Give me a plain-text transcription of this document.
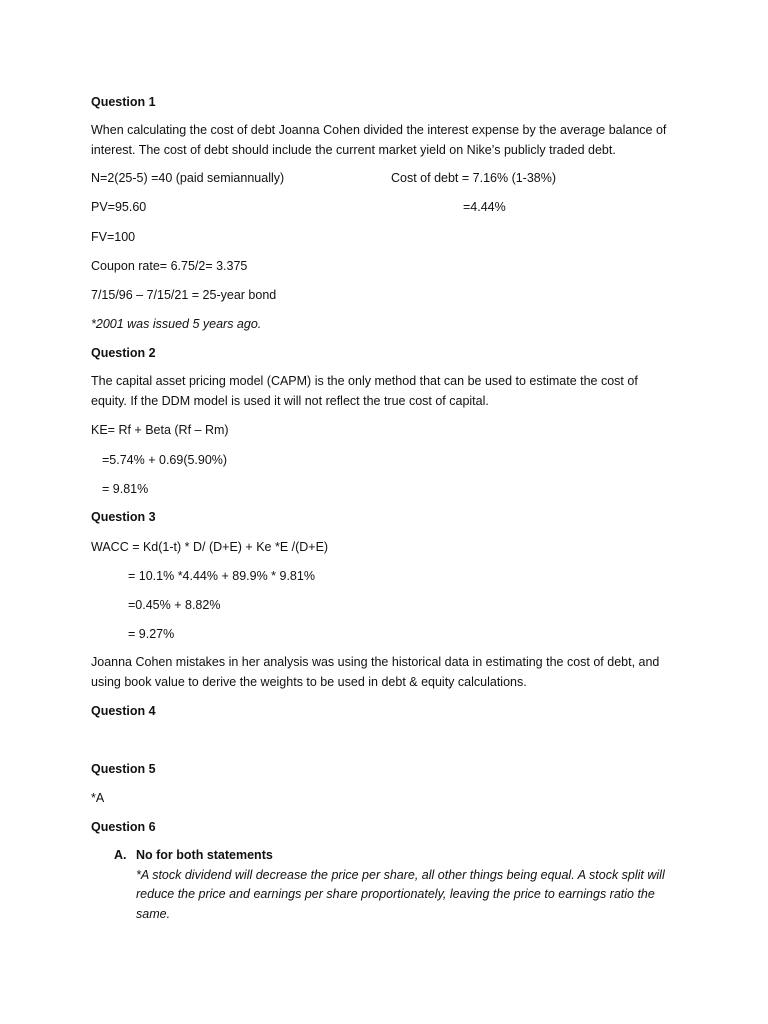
Question 1
When calculating the cost of debt Joanna Cohen divided the interest expense by the average balance of
interest. The cost of debt should include the current market yield on Nike’s publicly traded debt.
N=2(25-5) =40 (paid semiannually)	Cost of debt = 7.16% (1-38%)
PV=95.60	=4.44%
FV=100
Coupon rate= 6.75/2= 3.375
7/15/96 – 7/15/21 = 25-year bond
*2001 was issued 5 years ago.
Question 2
The capital asset pricing model (CAPM) is the only method that can be used to estimate the cost of
equity. If the DDM model is used it will not reflect the true cost of capital.
KE= Rf + Beta (Rf – Rm)
=5.74% + 0.69(5.90%)
= 9.81%
Question 3
WACC = Kd(1-t) * D/ (D+E) + Ke *E /(D+E)
= 10.1% *4.44% + 89.9% * 9.81%
=0.45% + 8.82%
= 9.27%
Joanna Cohen mistakes in her analysis was using the historical data in estimating the cost of debt, and
using book value to derive the weights to be used in debt & equity calculations.
Question 4
Question 5
*A
Question 6
A. No for both statements
*A stock dividend will decrease the price per share, all other things being equal. A stock split will
reduce the price and earnings per share proportionately, leaving the price to earnings ratio the
same.
